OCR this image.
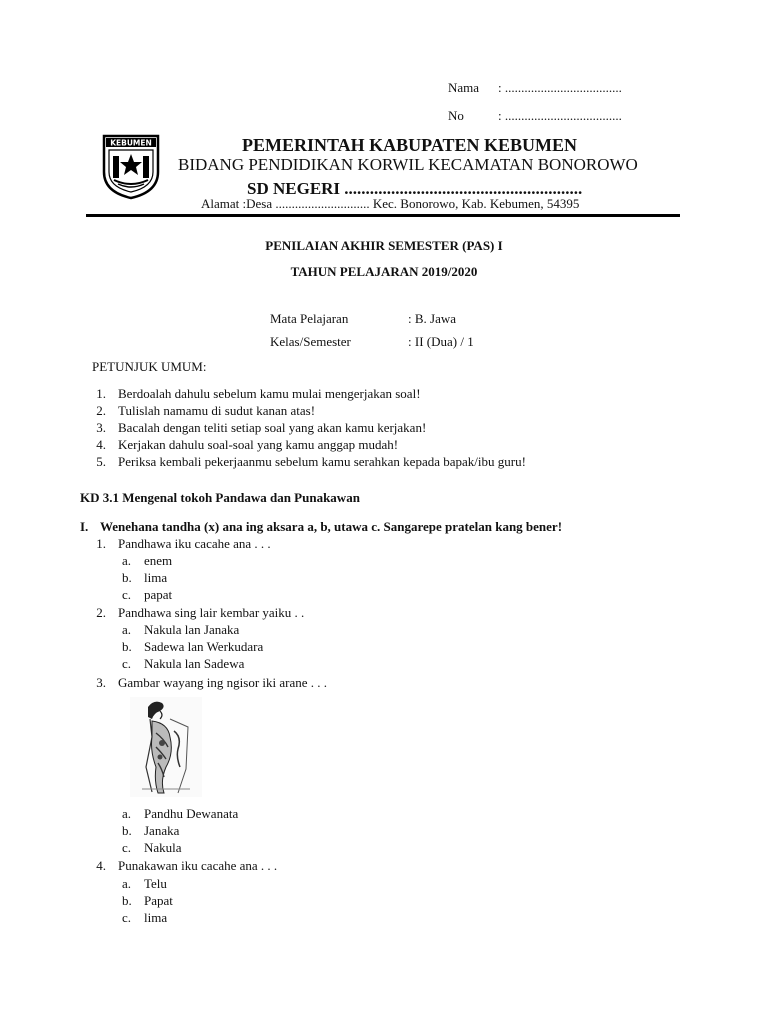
Nama : ....................................
No	: ....................................
KEBUMEN	PEMERINTAH KABUPATEN KEBUMEN
BIDANG PENDIDIKAN KORWIL KECAMATAN BONOROWO
SD NEGERI ........................................................
Alamat :Desa ............................. Kec. Bonorowo, Kab. Kebumen, 54395
PENILAIAN AKHIR SEMESTER (PAS) I
TAHUN PELAJARAN 2019/2020
Mata Pelajaran	: B. Jawa
Kelas/Semester	: II (Dua) / 1
PETUNJUK UMUM:
1. Berdoalah dahulu sebelum kamu mulai mengerjakan soal!
2. Tulislah namamu di sudut kanan atas!
3. Bacalah dengan teliti setiap soal yang akan kamu kerjakan!
4. Kerjakan dahulu soal-soal yang kamu anggap mudah!
5. Periksa kembali pekerjaanmu sebelum kamu serahkan kepada bapak/ibu guru!
KD 3.1 Mengenal tokoh Pandawa dan Punakawan
I. Wenehana tandha (x) ana ing aksara a, b, utawa c. Sangarepe pratelan kang bener!
1. Pandhawa iku cacahe ana . . .
a. enem
b. lima
c. papat
2. Pandhawa sing lair kembar yaiku . .
a. Nakula lan Janaka
b. Sadewa lan Werkudara
c. Nakula lan Sadewa
3. Gambar wayang ing ngisor iki arane . . .
a. Pandhu Dewanata
b. Janaka
c. Nakula
4. Punakawan iku cacahe ana . . .
a. Telu
b. Papat
c. lima
